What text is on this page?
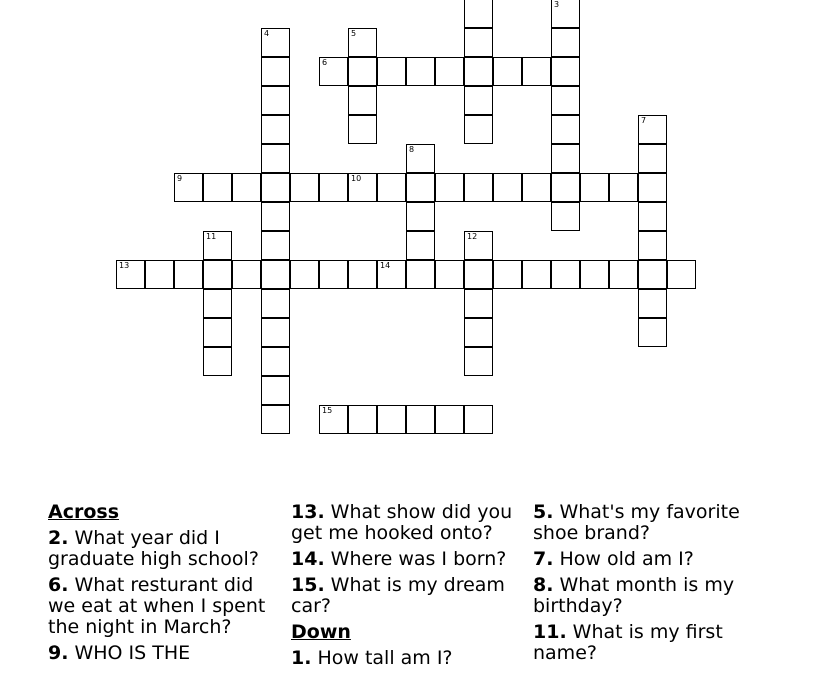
3
4	5
7
8
11	12
6
9	10
13	14
15
Across
2. What year did I graduate high school?
6. What resturant did we eat at when I spent the night in March?
9. WHO IS THE
13. What show did you get me hooked onto?
14. Where was I born?
15. What is my dream car?
Down
1. How tall am I?
5. What's my favorite shoe brand?
7. How old am I?
8. What month is my birthday?
11. What is my first name?
